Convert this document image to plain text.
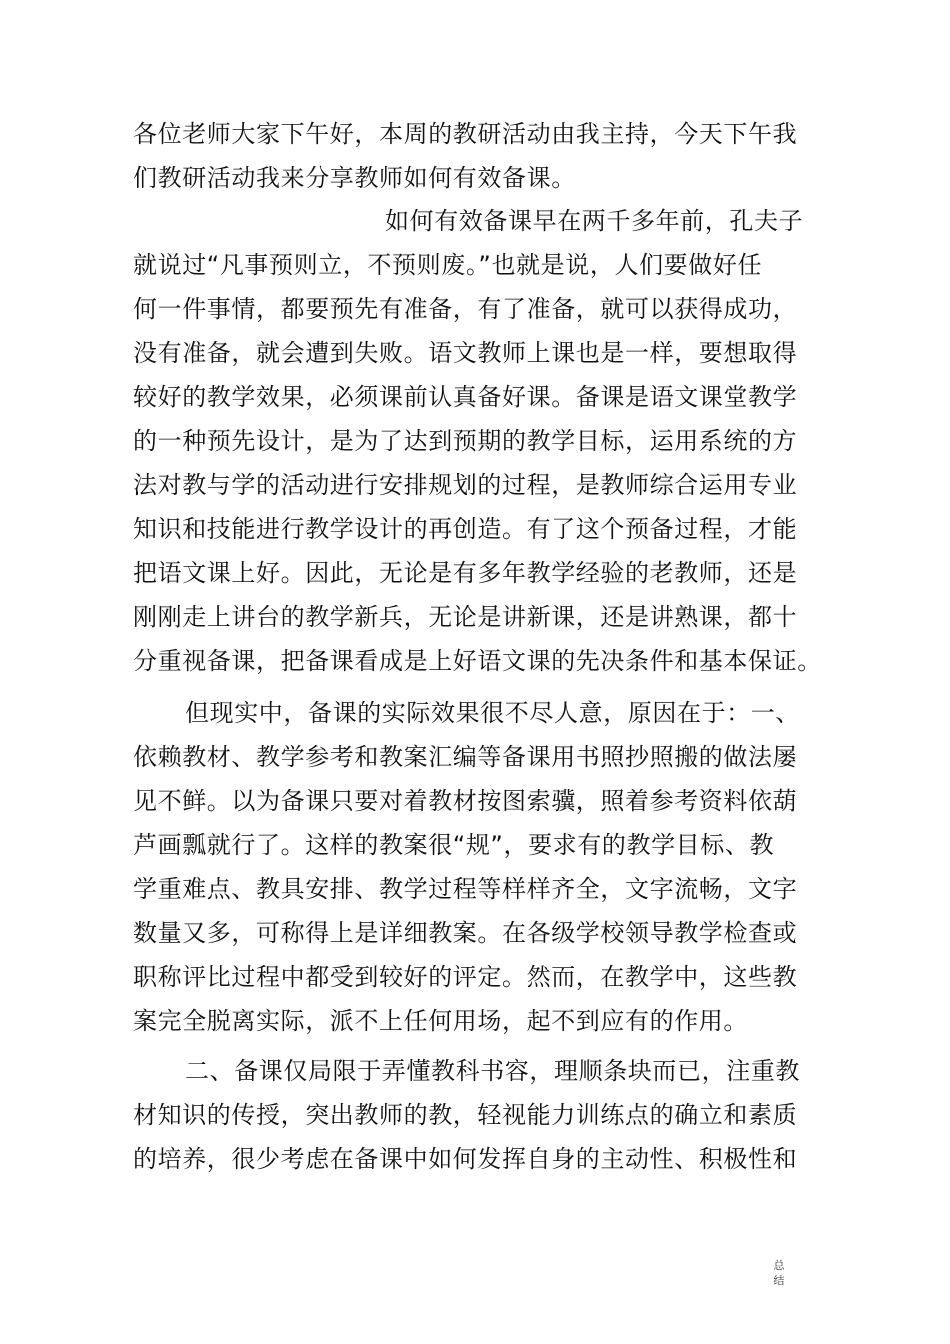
各位老师大家下午好，本周的教研活动由我主持，今天下午我
们教研活动我来分享教师如何有效备课。
如何有效备课早在两千多年前，孔夫子
就说过“凡事预则立，不预则废。”也就是说，人们要做好任
何一件事情，都要预先有准备，有了准备，就可以获得成功，
没有准备，就会遭到失败。语文教师上课也是一样，要想取得
较好的教学效果，必须课前认真备好课。备课是语文课堂教学
的一种预先设计，是为了达到预期的教学目标，运用系统的方
法对教与学的活动进行安排规划的过程，是教师综合运用专业
知识和技能进行教学设计的再创造。有了这个预备过程，才能
把语文课上好。因此，无论是有多年教学经验的老教师，还是
刚刚走上讲台的教学新兵，无论是讲新课，还是讲熟课，都十
分重视备课，把备课看成是上好语文课的先决条件和基本保证。
但现实中，备课的实际效果很不尽人意，原因在于：一、
依赖教材、教学参考和教案汇编等备课用书照抄照搬的做法屡
见不鲜。以为备课只要对着教材按图索骥，照着参考资料依葫
芦画瓢就行了。这样的教案很“规”，要求有的教学目标、教
学重难点、教具安排、教学过程等样样齐全，文字流畅，文字
数量又多，可称得上是详细教案。在各级学校领导教学检查或
职称评比过程中都受到较好的评定。然而，在教学中，这些教
案完全脱离实际，派不上任何用场，起不到应有的作用。
二、备课仅局限于弄懂教科书容，理顺条块而已，注重教
材知识的传授，突出教师的教，轻视能力训练点的确立和素质
的培养，很少考虑在备课中如何发挥自身的主动性、积极性和
总
结
